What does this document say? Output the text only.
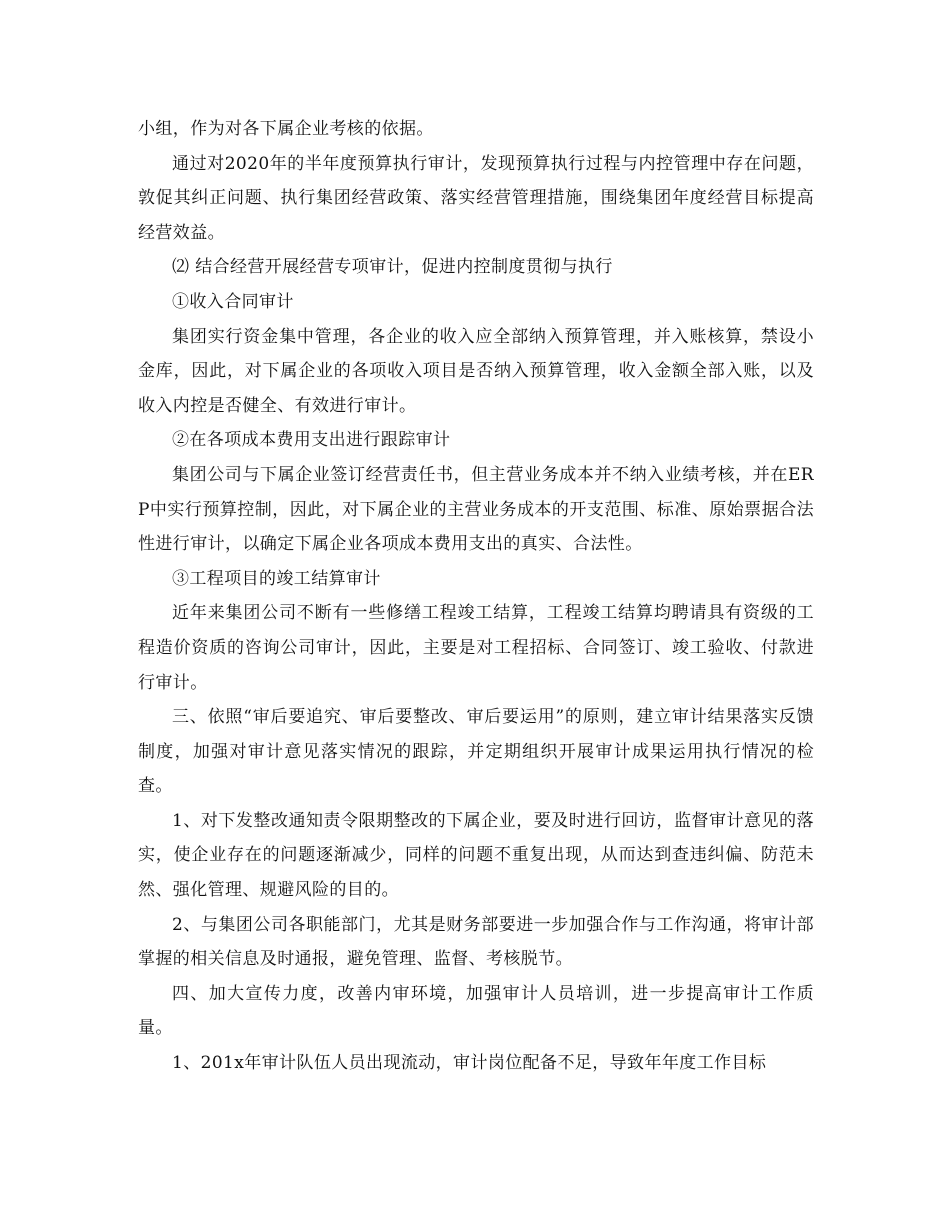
小组，作为对各下属企业考核的依据。

通过对2020年的半年度预算执行审计，发现预算执行过程与内控管理中存在问题，敦促其纠正问题、执行集团经营政策、落实经营管理措施，围绕集团年度经营目标提高经营效益。

⑵ 结合经营开展经营专项审计，促进内控制度贯彻与执行

①收入合同审计

集团实行资金集中管理，各企业的收入应全部纳入预算管理，并入账核算，禁设小金库，因此，对下属企业的各项收入项目是否纳入预算管理，收入金额全部入账，以及收入内控是否健全、有效进行审计。

②在各项成本费用支出进行跟踪审计

集团公司与下属企业签订经营责任书，但主营业务成本并不纳入业绩考核，并在ERP中实行预算控制，因此，对下属企业的主营业务成本的开支范围、标准、原始票据合法性进行审计，以确定下属企业各项成本费用支出的真实、合法性。

③工程项目的竣工结算审计

近年来集团公司不断有一些修缮工程竣工结算，工程竣工结算均聘请具有资级的工程造价资质的咨询公司审计，因此，主要是对工程招标、合同签订、竣工验收、付款进行审计。

三、依照“审后要追究、审后要整改、审后要运用”的原则，建立审计结果落实反馈制度，加强对审计意见落实情况的跟踪，并定期组织开展审计成果运用执行情况的检查。

1、对下发整改通知责令限期整改的下属企业，要及时进行回访，监督审计意见的落实，使企业存在的问题逐渐减少，同样的问题不重复出现，从而达到查违纠偏、防范未然、强化管理、规避风险的目的。

2、与集团公司各职能部门，尤其是财务部要进一步加强合作与工作沟通，将审计部掌握的相关信息及时通报，避免管理、监督、考核脱节。

四、加大宣传力度，改善内审环境，加强审计人员培训，进一步提高审计工作质量。

1、201x年审计队伍人员出现流动，审计岗位配备不足，导致年年度工作目标
